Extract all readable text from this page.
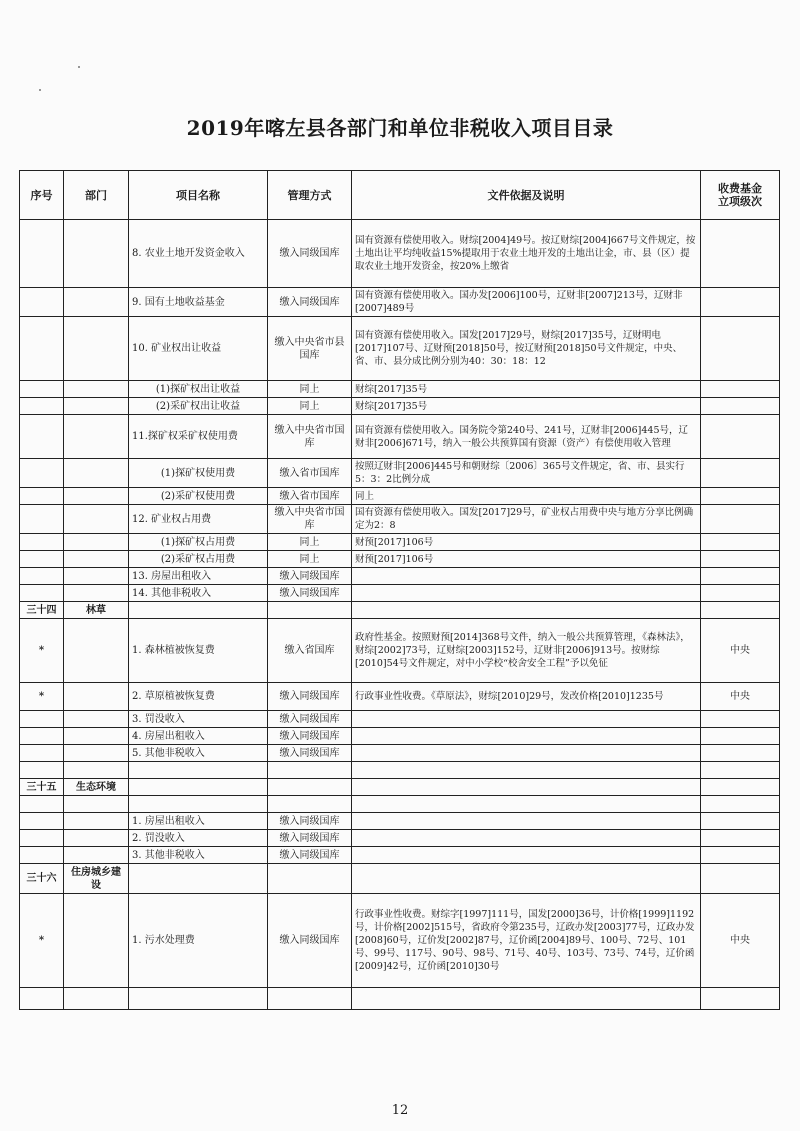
2019年喀左县各部门和单位非税收入项目目录
序号	部门	项目名称	管理方式	文件依据及说明	收费基金
立项级次

		8. 农业土地开发资金收入	缴入同级国库	国有资源有偿使用收入。财综[2004]49号。按辽财综[2004]667号文件规定，按土地出让平均纯收益15%提取用于农业土地开发的土地出让金，市、县（区）提取农业土地开发资金，按20%上缴省	
		9. 国有土地收益基金	缴入同级国库	国有资源有偿使用收入。国办发[2006]100号，辽财非[2007]213号，辽财非[2007]489号	
		10. 矿业权出让收益	缴入中央省市县国库	国有资源有偿使用收入。国发[2017]29号，财综[2017]35号，辽财明电[2017]107号、辽财预[2018]50号，按辽财预[2018]50号文件规定，中央、省、市、县分成比例分别为40：30：18：12	
		(1)探矿权出让收益	同上	财综[2017]35号	
		(2)采矿权出让收益	同上	财综[2017]35号	
		11.探矿权采矿权使用费	缴入中央省市国库	国有资源有偿使用收入。国务院令第240号、241号，辽财非[2006]445号，辽财非[2006]671号，纳入一般公共预算国有资源（资产）有偿使用收入管理	
		(1)探矿权使用费	缴入省市国库	按照辽财非[2006]445号和朝财综〔2006〕365号文件规定，省、市、县实行5：3：2比例分成	
		(2)采矿权使用费	缴入省市国库	同上	
		12. 矿业权占用费	缴入中央省市国库	国有资源有偿使用收入。国发[2017]29号，矿业权占用费中央与地方分享比例确定为2：8	
		(1)探矿权占用费	同上	财预[2017]106号	
		(2)采矿权占用费	同上	财预[2017]106号	
		13. 房屋出租收入	缴入同级国库		
		14. 其他非税收入	缴入同级国库		
三十四	林草				
*		1. 森林植被恢复费	缴入省国库	政府性基金。按照财预[2014]368号文件，纳入一般公共预算管理，《森林法》，财综[2002]73号，辽财综[2003]152号，辽财非[2006]913号。按财综[2010]54号文件规定，对中小学校“校舍安全工程”予以免征	中央
*		2. 草原植被恢复费	缴入同级国库	行政事业性收费。《草原法》，财综[2010]29号，发改价格[2010]1235号	中央
		3. 罚没收入	缴入同级国库		
		4. 房屋出租收入	缴入同级国库		
		5. 其他非税收入	缴入同级国库		

三十五	生态环境				

		1. 房屋出租收入	缴入同级国库		
		2. 罚没收入	缴入同级国库		
		3. 其他非税收入	缴入同级国库		
三十六	住房城乡建设				
*		1. 污水处理费	缴入同级国库	行政事业性收费。财综字[1997]111号，国发[2000]36号，计价格[1999]1192号，计价格[2002]515号，省政府令第235号，辽政办发[2003]77号，辽政办发[2008]60号，辽价发[2002]87号，辽价函[2004]89号、100号、72号、101号、99号、117号、90号、98号、71号、40号、103号、73号、74号，辽价函[2009]42号，辽价函[2010]30号	中央

12
